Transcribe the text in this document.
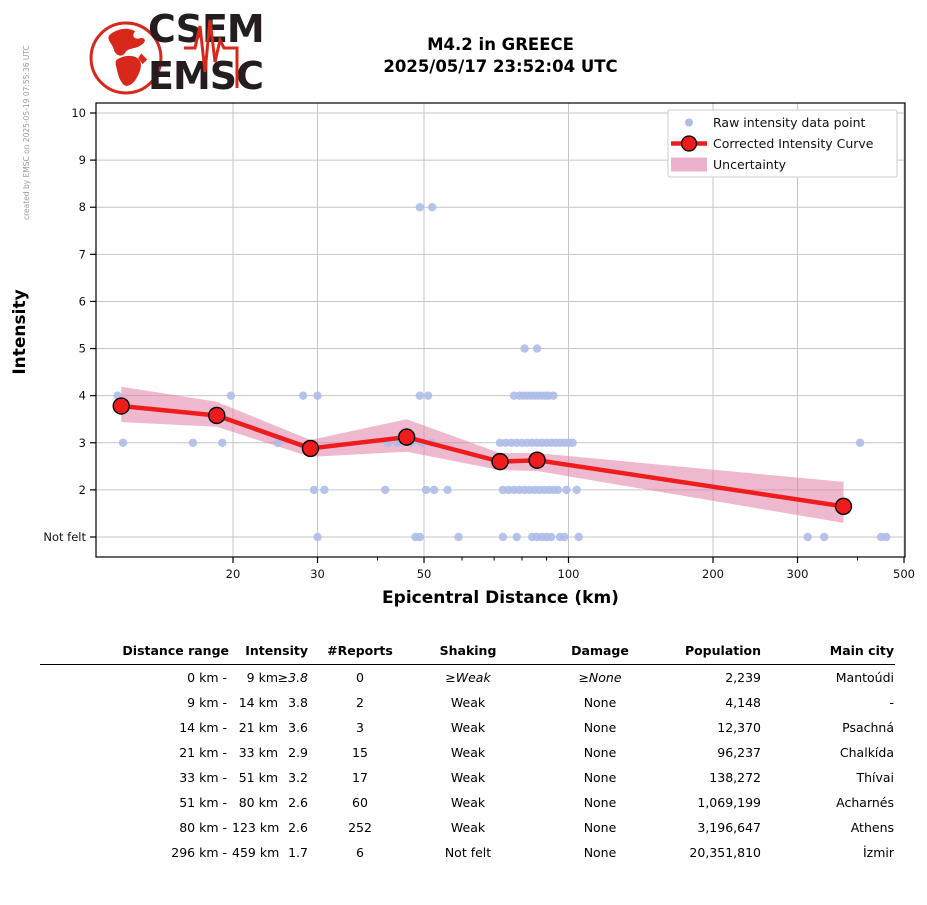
created by EMSC on 2025-05-19 07:55:36 UTC
CSEM
EMSC
M4.2 in GREECE
2025/05/17 23:52:04 UTC
10
9
8
7
6
5
4
3
2
Not felt
20	30	50	100	200	300	500
Raw intensity data point
Corrected Intensity Curve
Uncertainty
Epicentral Distance (km)
Intensity
Distance range	Intensity	#Reports	Shaking	Damage	Population	Main city
0 km -	9 km ≥3.8	0	≥Weak	≥None	2,239	Mantoúdi
9 km - 14 km 3.8	2	Weak	None	4,148	-
14 km - 21 km 3.6	3	Weak	None	12,370	Psachná
21 km - 33 km 2.9	15	Weak	None	96,237	Chalkída
33 km - 51 km 3.2	17	Weak	None	138,272	Thívai
51 km - 80 km 2.6	60	Weak	None	1,069,199	Acharnés
80 km - 123 km 2.6	252	Weak	None	3,196,647	Athens
296 km - 459 km 1.7	6	Not felt	None	20,351,810	İzmir
